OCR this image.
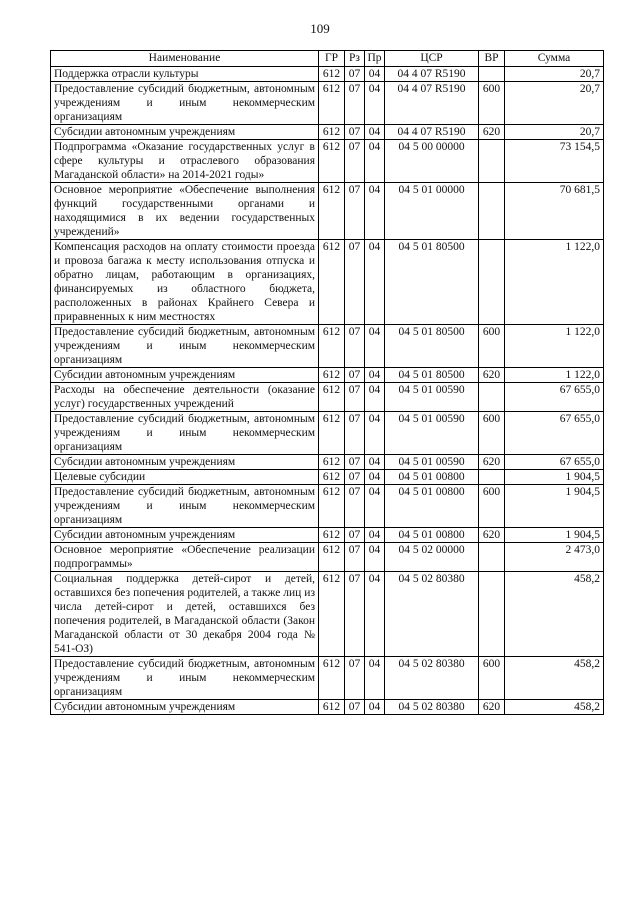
109
Наименование	ГР	Рз	Пр	ЦСР	ВР	Сумма
Поддержка отрасли культуры	612	07	04	04 4 07 R5190		20,7
Предоставление субсидий бюджетным, автономным учреждениям и иным некоммерческим организациям	612	07	04	04 4 07 R5190	600	20,7
Субсидии автономным учреждениям	612	07	04	04 4 07 R5190	620	20,7
Подпрограмма «Оказание государственных услуг в сфере культуры и отраслевого образования Магаданской области» на 2014-2021 годы»	612	07	04	04 5 00 00000		73 154,5
Основное мероприятие «Обеспечение выполнения функций государственными органами и находящимися в их ведении государственных учреждений»	612	07	04	04 5 01 00000		70 681,5
Компенсация расходов на оплату стоимости проезда и провоза багажа к месту использования отпуска и обратно лицам, работающим в организациях, финансируемых из областного бюджета, расположенных в районах Крайнего Севера и приравненных к ним местностях	612	07	04	04 5 01 80500		1 122,0
Предоставление субсидий бюджетным, автономным учреждениям и иным некоммерческим организациям	612	07	04	04 5 01 80500	600	1 122,0
Субсидии автономным учреждениям	612	07	04	04 5 01 80500	620	1 122,0
Расходы на обеспечение деятельности (оказание услуг) государственных учреждений	612	07	04	04 5 01 00590		67 655,0
Предоставление субсидий бюджетным, автономным учреждениям и иным некоммерческим организациям	612	07	04	04 5 01 00590	600	67 655,0
Субсидии автономным учреждениям	612	07	04	04 5 01 00590	620	67 655,0
Целевые субсидии	612	07	04	04 5 01 00800		1 904,5
Предоставление субсидий бюджетным, автономным учреждениям и иным некоммерческим организациям	612	07	04	04 5 01 00800	600	1 904,5
Субсидии автономным учреждениям	612	07	04	04 5 01 00800	620	1 904,5
Основное мероприятие «Обеспечение реализации подпрограммы»	612	07	04	04 5 02 00000		2 473,0
Социальная поддержка детей-сирот и детей, оставшихся без попечения родителей, а также лиц из числа детей-сирот и детей, оставшихся без попечения родителей, в Магаданской области (Закон Магаданской области от 30 декабря 2004 года № 541-ОЗ)	612	07	04	04 5 02 80380		458,2
Предоставление субсидий бюджетным, автономным учреждениям и иным некоммерческим организациям	612	07	04	04 5 02 80380	600	458,2
Субсидии автономным учреждениям	612	07	04	04 5 02 80380	620	458,2
